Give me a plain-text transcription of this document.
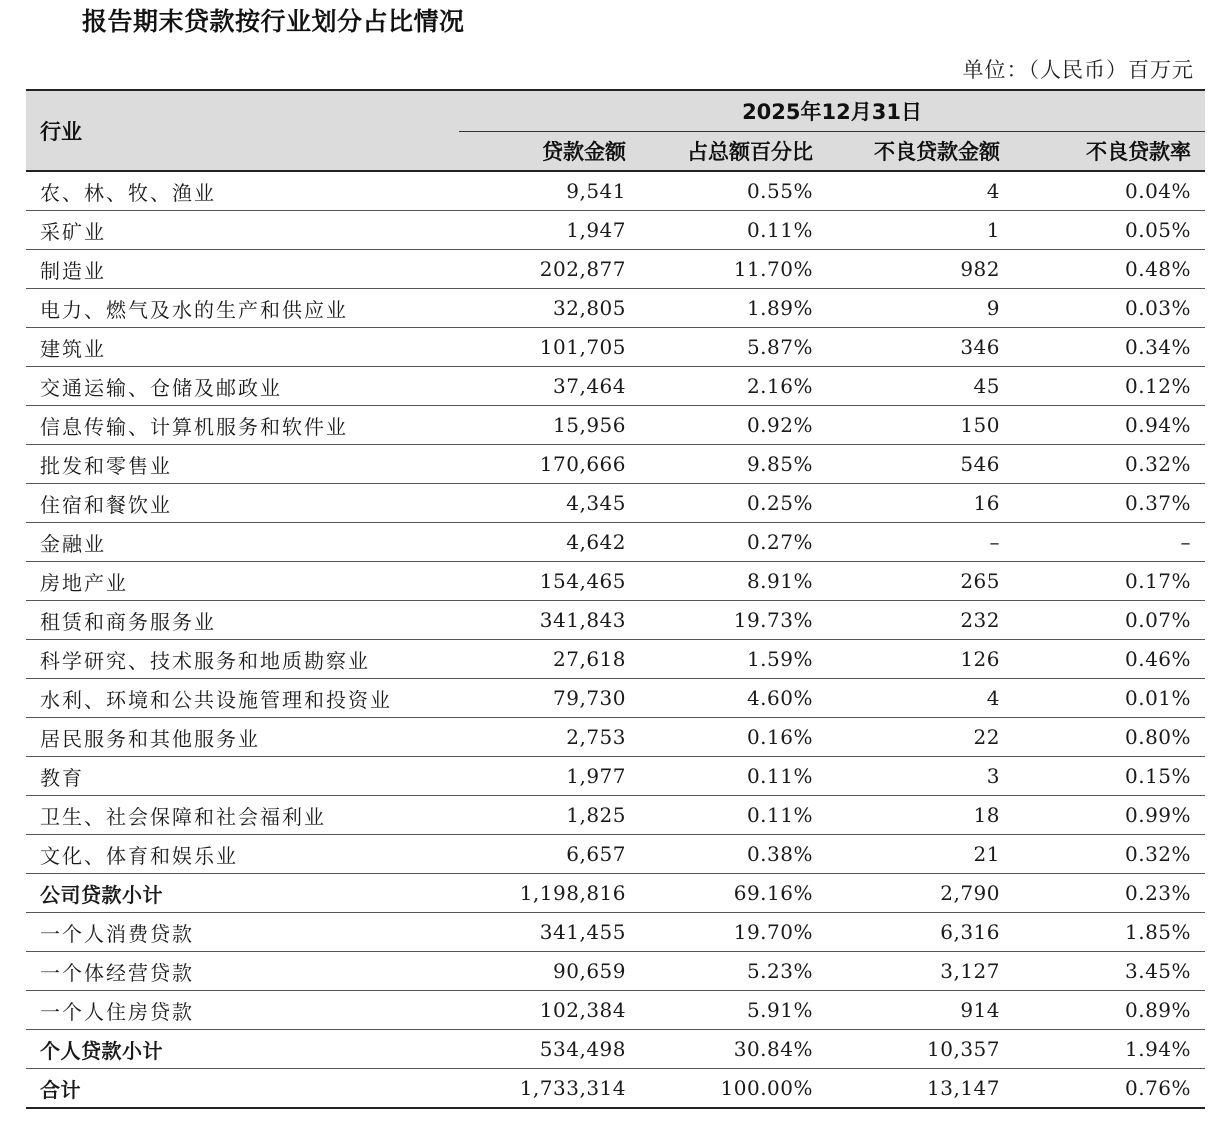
报告期末贷款按行业划分占比情况
单位：（人民币）百万元
行业	2025年12月31日			
	贷款金额	占总额百分比	不良贷款金额	不良贷款率
农、林、牧、渔业	9,541	0.55%	4	0.04%
采矿业	1,947	0.11%	1	0.05%
制造业	202,877	11.70%	982	0.48%
电力、燃气及水的生产和供应业	32,805	1.89%	9	0.03%
建筑业	101,705	5.87%	346	0.34%
交通运输、仓储及邮政业	37,464	2.16%	45	0.12%
信息传输、计算机服务和软件业	15,956	0.92%	150	0.94%
批发和零售业	170,666	9.85%	546	0.32%
住宿和餐饮业	4,345	0.25%	16	0.37%
金融业	4,642	0.27%	–	–
房地产业	154,465	8.91%	265	0.17%
租赁和商务服务业	341,843	19.73%	232	0.07%
科学研究、技术服务和地质勘察业	27,618	1.59%	126	0.46%
水利、环境和公共设施管理和投资业	79,730	4.60%	4	0.01%
居民服务和其他服务业	2,753	0.16%	22	0.80%
教育	1,977	0.11%	3	0.15%
卫生、社会保障和社会福利业	1,825	0.11%	18	0.99%
文化、体育和娱乐业	6,657	0.38%	21	0.32%
公司贷款小计	1,198,816	69.16%	2,790	0.23%
一个人消费贷款	341,455	19.70%	6,316	1.85%
一个体经营贷款	90,659	5.23%	3,127	3.45%
一个人住房贷款	102,384	5.91%	914	0.89%
个人贷款小计	534,498	30.84%	10,357	1.94%
合计	1,733,314	100.00%	13,147	0.76%
